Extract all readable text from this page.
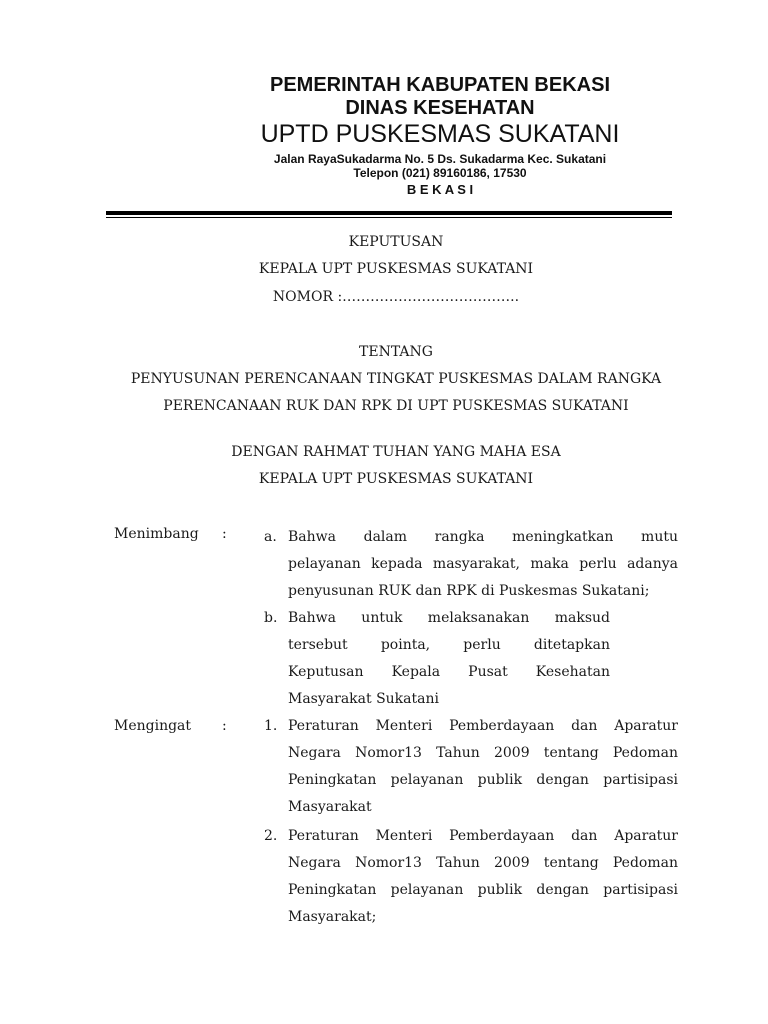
PEMERINTAH KABUPATEN BEKASI
DINAS KESEHATAN
UPTD PUSKESMAS SUKATANI
Jalan RayaSukadarma No. 5 Ds. Sukadarma Kec. Sukatani
Telepon (021) 89160186, 17530
B E K A S I
KEPUTUSAN
KEPALA UPT PUSKESMAS SUKATANI
NOMOR :………………………………..
TENTANG
PENYUSUNAN PERENCANAAN TINGKAT PUSKESMAS DALAM RANGKA
PERENCANAAN RUK DAN RPK DI UPT PUSKESMAS SUKATANI
DENGAN RAHMAT TUHAN YANG MAHA ESA
KEPALA UPT PUSKESMAS SUKATANI
Menimbang :	a. Bahwa dalam rangka meningkatkan mutu
pelayanan kepada masyarakat, maka perlu adanya
penyusunan RUK dan RPK di Puskesmas Sukatani;
b. Bahwa untuk melaksanakan maksud
tersebut pointa, perlu ditetapkan
Keputusan Kepala Pusat Kesehatan
Masyarakat Sukatani
Mengingat :	1. Peraturan Menteri Pemberdayaan dan Aparatur
Negara Nomor13 Tahun 2009 tentang Pedoman
Peningkatan pelayanan publik dengan partisipasi
Masyarakat
2. Peraturan Menteri Pemberdayaan dan Aparatur
Negara Nomor13 Tahun 2009 tentang Pedoman
Peningkatan pelayanan publik dengan partisipasi
Masyarakat;
